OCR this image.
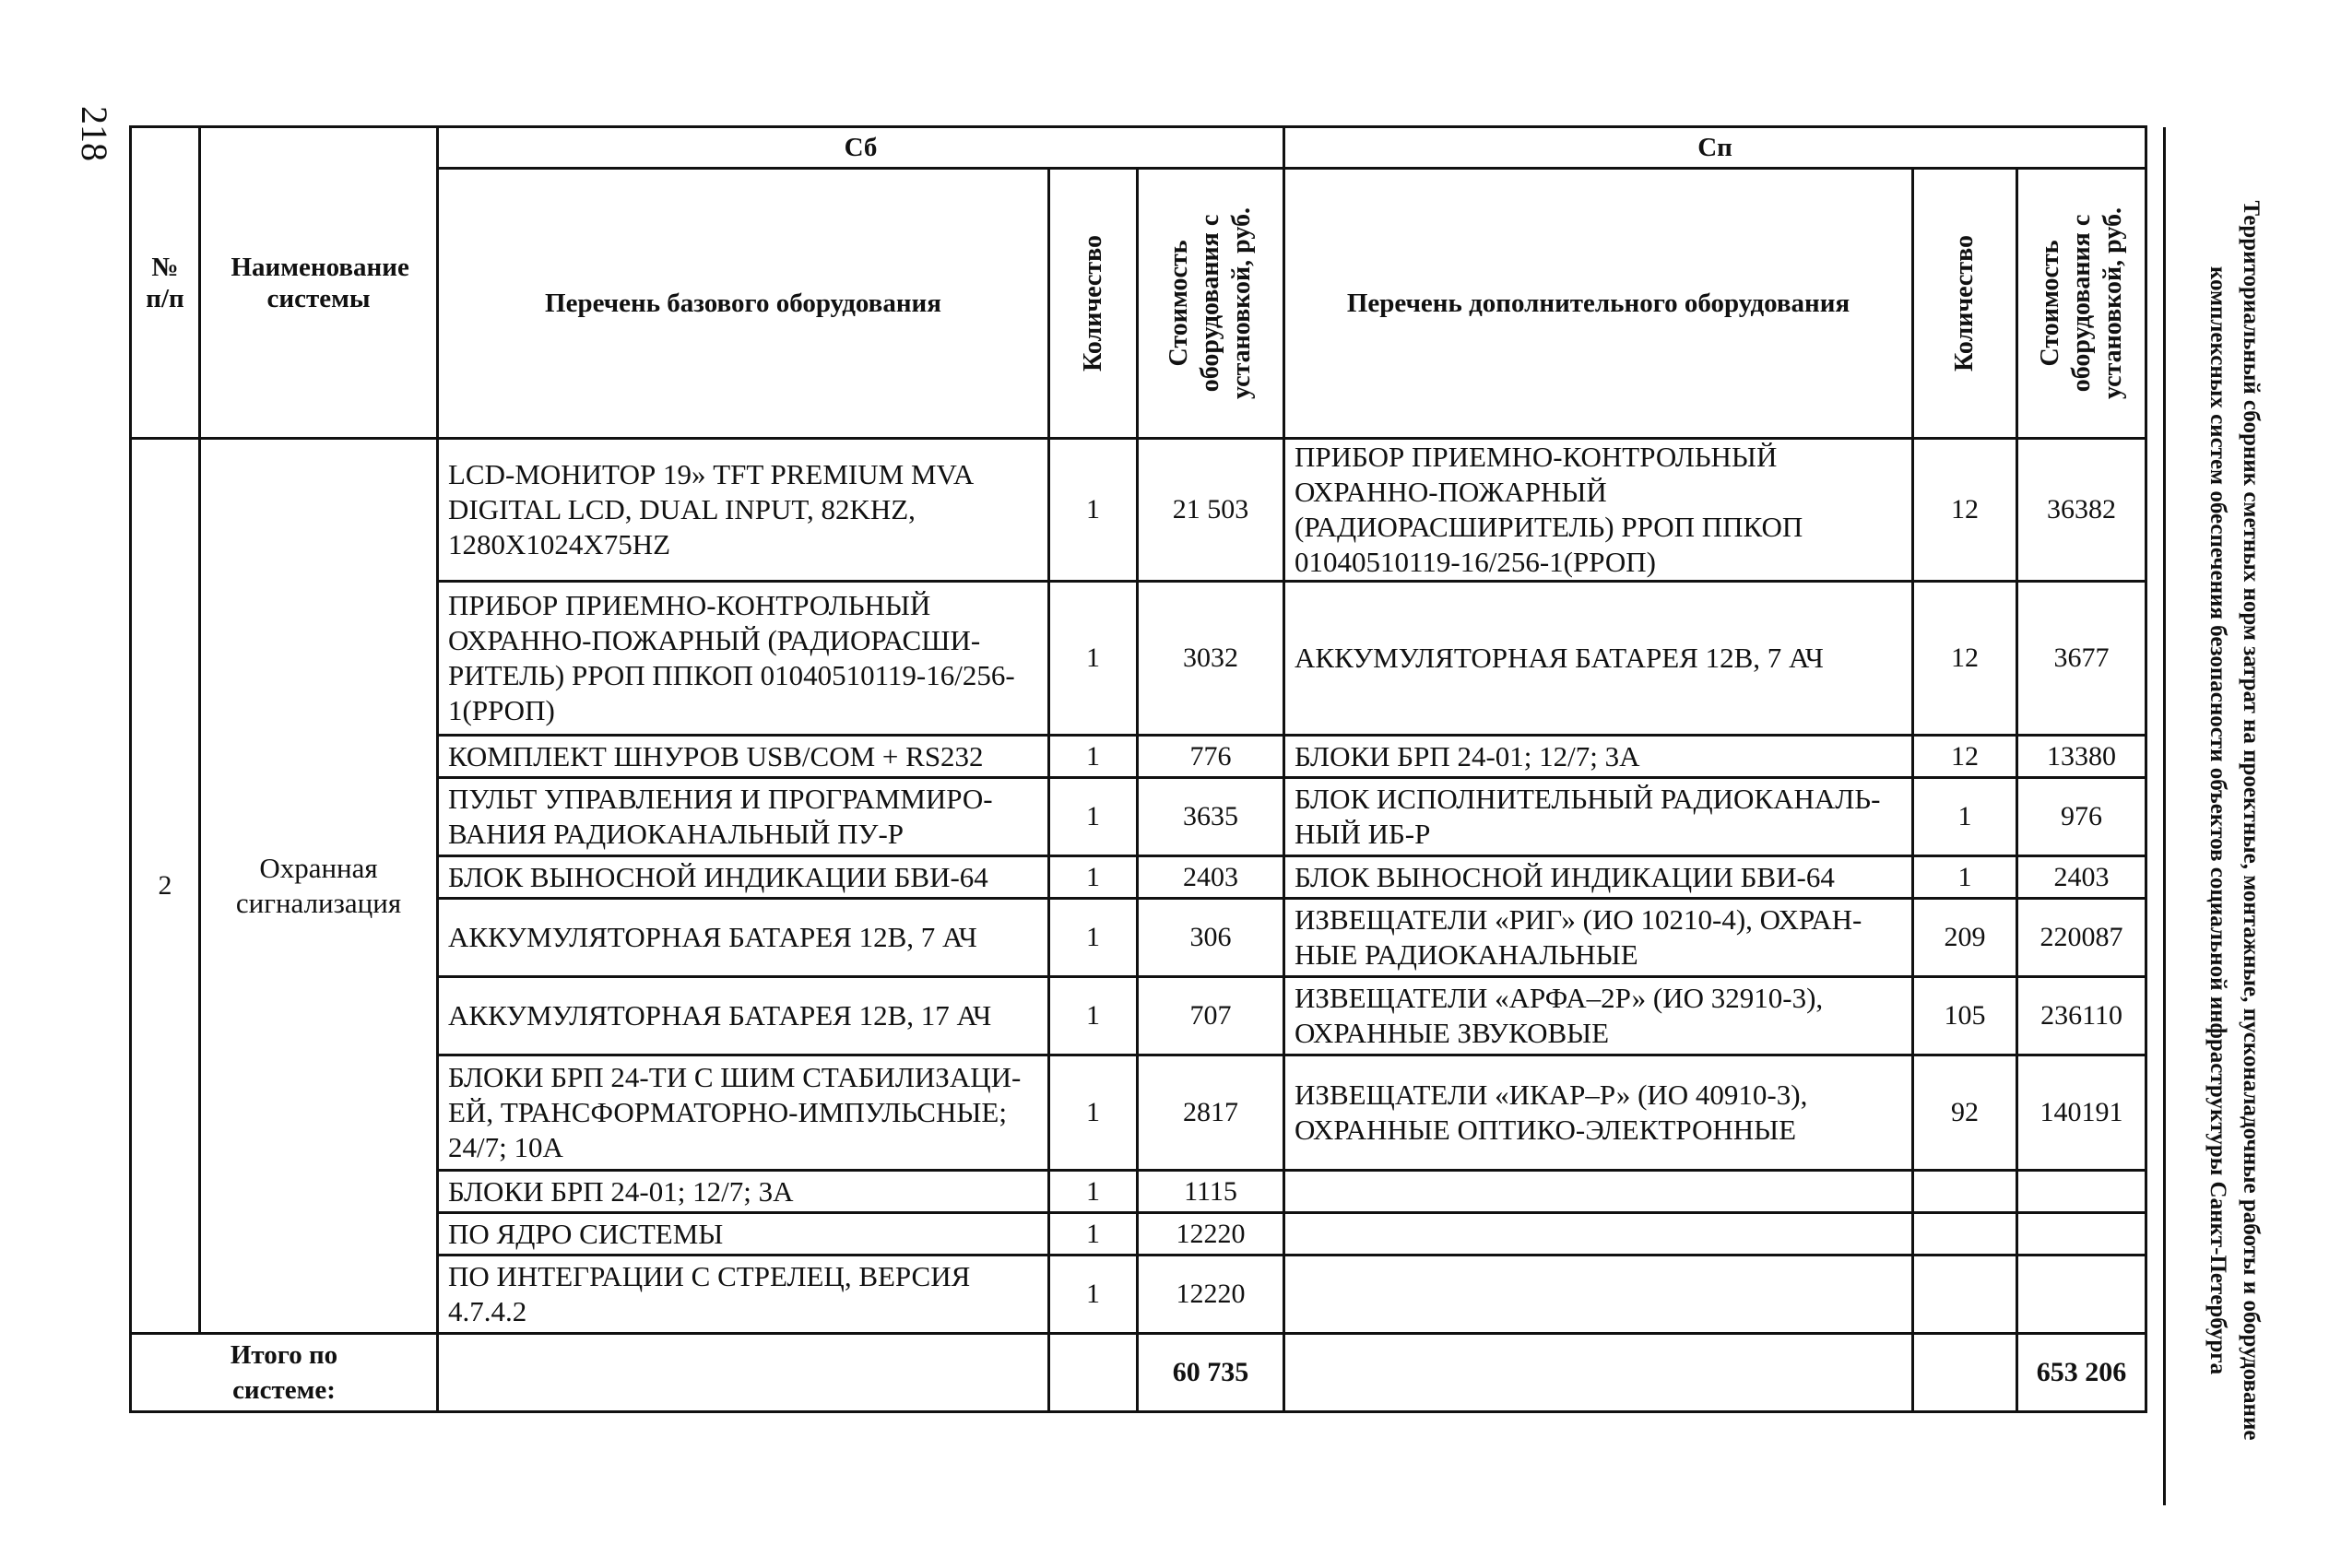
218
Территориальный сборник сметных норм затрат на проектные, монтажные, пусконаладочные работы и оборудование комплексных систем обеспечения безопасности объектов социальной инфраструктуры Санкт-Петербурга
№ п/п	Наименование системы	Сб			Сп		
		Перечень базового оборудования	Количество	Стоимость оборудования с установкой, руб.	Перечень дополнительного оборудования	Количество	Стоимость оборудования с установкой, руб.

2	Охранная сигнализация	LCD-МОНИТОР 19» TFT PREMIUM MVA DIGITAL LCD, DUAL INPUT, 82KHZ, 1280X1024X75HZ	1	21 503	ПРИБОР ПРИЕМНО-КОНТРОЛЬНЫЙ ОХРАННО-ПОЖАРНЫЙ (РАДИОРАСШИРИТЕЛЬ) РРОП ППКОП 01040510119-16/256-1(РРОП)	12	36382
		ПРИБОР ПРИЕМНО-КОНТРОЛЬНЫЙ ОХРАННО-ПОЖАРНЫЙ (РАДИОРАСШИ-РИТЕЛЬ) РРОП ППКОП 01040510119-16/256-1(РРОП)	1	3032	АККУМУЛЯТОРНАЯ БАТАРЕЯ 12В, 7 АЧ	12	3677
		КОМПЛЕКТ ШНУРОВ USB/COM + RS232	1	776	БЛОКИ БРП 24-01; 12/7; 3А	12	13380
		ПУЛЬТ УПРАВЛЕНИЯ И ПРОГРАММИРО-ВАНИЯ РАДИОКАНАЛЬНЫЙ ПУ-Р	1	3635	БЛОК ИСПОЛНИТЕЛЬНЫЙ РАДИОКАНАЛЬ-НЫЙ ИБ-Р	1	976
		БЛОК ВЫНОСНОЙ ИНДИКАЦИИ БВИ-64	1	2403	БЛОК ВЫНОСНОЙ ИНДИКАЦИИ БВИ-64	1	2403
		АККУМУЛЯТОРНАЯ БАТАРЕЯ 12В, 7 АЧ	1	306	ИЗВЕЩАТЕЛИ «РИГ» (ИО 10210-4), ОХРАН-НЫЕ РАДИОКАНАЛЬНЫЕ	209	220087
		АККУМУЛЯТОРНАЯ БАТАРЕЯ 12В, 17 АЧ	1	707	ИЗВЕЩАТЕЛИ «АРФА–2Р» (ИО 32910-3), ОХРАННЫЕ ЗВУКОВЫЕ	105	236110
		БЛОКИ БРП 24-ТИ С ШИМ СТАБИЛИЗАЦИ-ЕЙ, ТРАНСФОРМАТОРНО-ИМПУЛЬСНЫЕ; 24/7; 10А	1	2817	ИЗВЕЩАТЕЛИ «ИКАР–Р» (ИО 40910-3), ОХРАННЫЕ ОПТИКО-ЭЛЕКТРОННЫЕ	92	140191
		БЛОКИ БРП 24-01; 12/7; 3А	1	1115			
		ПО ЯДРО СИСТЕМЫ	1	12220			
		ПО ИНТЕГРАЦИИ С СТРЕЛЕЦ, ВЕРСИЯ 4.7.4.2	1	12220			

Итого по системе:				60 735			653 206
